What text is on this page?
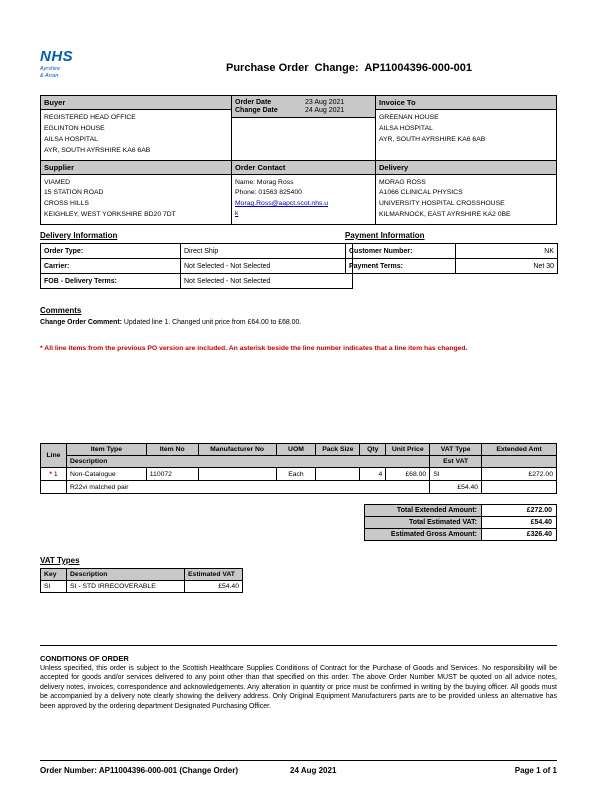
NHS
Ayrshire
& Arran
Purchase Order  Change:  AP11004396-000-001
Buyer
REGISTERED HEAD OFFICE
EGLINTON HOUSE
AILSA HOSPITAL
AYR, SOUTH AYRSHIRE KA6 6AB
Order Date	23 Aug 2021
Change Date	24 Aug 2021
Invoice To
GREENAN HOUSE
AILSA HOSPITAL
AYR, SOUTH AYRSHIRE KA6 6AB
Supplier
VIAMED
15 STATION ROAD
CROSS HILLS
KEIGHLEY, WEST YORKSHIRE BD20 7DT
Order Contact
Name: Morag Ross
Phone: 01563 825400
Morag.Ross@aapct.scot.nhs.uk
Delivery
MORAG ROSS
A1066 CLINICAL PHYSICS
UNIVERSITY HOSPITAL CROSSHOUSE
KILMARNOCK, EAST AYRSHIRE KA2 0BE
Delivery Information
Order Type:	Direct Ship
Carrier:	Not Selected - Not Selected
FOB - Delivery Terms:	Not Selected - Not Selected
Payment Information
Customer Number:	NK
Payment Terms:	Net 30
Comments
Change Order Comment: Updated line 1. Changed unit price from £64.00 to £68.00.
* All line items from the previous PO version are included. An asterisk beside the line number indicates that a line item has changed.
Line	Item Type	Item No	Manufacturer No	UOM	Pack Size	Qty	Unit Price	VAT Type	Extended Amt
	Description							Est VAT	
* 1	Non-Catalogue	110072		Each		4	£68.00	SI	£272.00
	R22vi matched pair							£54.40	
Total Extended Amount:	£272.00
Total Estimated VAT:	£54.40
Estimated Gross Amount:	£326.40
VAT Types
Key	Description	Estimated VAT
SI	SI - STD IRRECOVERABLE	£54.40
CONDITIONS OF ORDER
Unless specified, this order is subject to the Scottish Healthcare Supplies Conditions of Contract for the Purchase of Goods and Services. No responsibility will be accepted for goods and/or services delivered to any point other than that specified on this order. The above Order Number MUST be quoted on all advice notes, delivery notes, invoices, correspondence and acknowledgements. Any alteration in quantity or price must be confirmed in writing by the buying officer. All goods must be accompanied by a delivery note clearly showing the delivery address. Only Original Equipment Manufacturers parts are to be provided unless an alternative has been approved by the ordering department Designated Purchasing Officer.
Order Number: AP11004396-000-001 (Change Order)	24 Aug 2021	Page 1 of 1
